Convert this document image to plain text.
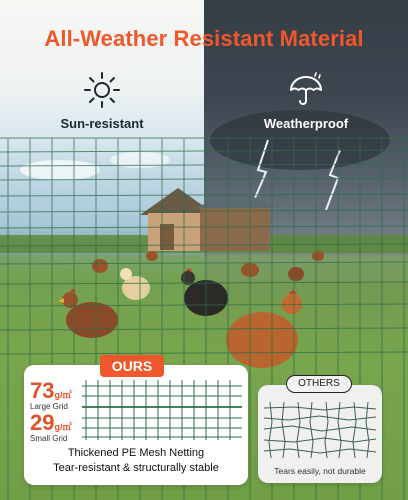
All-Weather Resistant Material
Sun-resistant	Weatherproof
OURS
73g/㎡
Large Grid
29g/㎡
Small Grid
Thickened PE Mesh Netting
Tear-resistant & structurally stable
OTHERS
Tears easily, not durable
